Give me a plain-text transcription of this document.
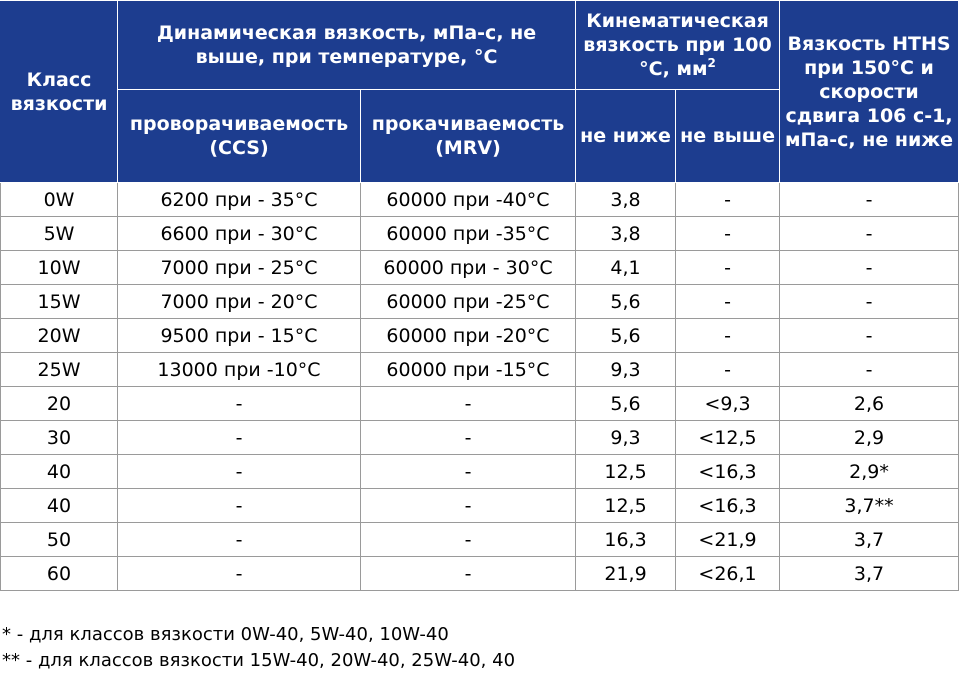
Класс вязкости	Динамическая вязкость, мПа-с, не выше, при температуре, °С		Кинематическая вязкость при 100 °С, $мм^2$		Вязкость HTHS при 150°С и скорости сдвига 106 с-1, мПа-с, не ниже
	проворачиваемость (CCS)	прокачиваемость (MRV)	не ниже	не выше	
0W	6200 при - 35°С	60000 при -40°С	3,8	-	-
5W	6600 при - 30°С	60000 при -35°С	3,8	-	-
10W	7000 при - 25°С	60000 при - 30°С	4,1	-	-
15W	7000 при - 20°С	60000 при -25°С	5,6	-	-
20W	9500 при - 15°С	60000 при -20°С	5,6	-	-
25W	13000 при -10°С	60000 при -15°С	9,3	-	-
20	-	-	5,6	<9,3	2,6
30	-	-	9,3	<12,5	2,9
40	-	-	12,5	<16,3	2,9*
40	-	-	12,5	<16,3	3,7**
50	-	-	16,3	<21,9	3,7
60	-	-	21,9	<26,1	3,7
* - для классов вязкости 0W-40, 5W-40, 10W-40
** - для классов вязкости 15W-40, 20W-40, 25W-40, 40
